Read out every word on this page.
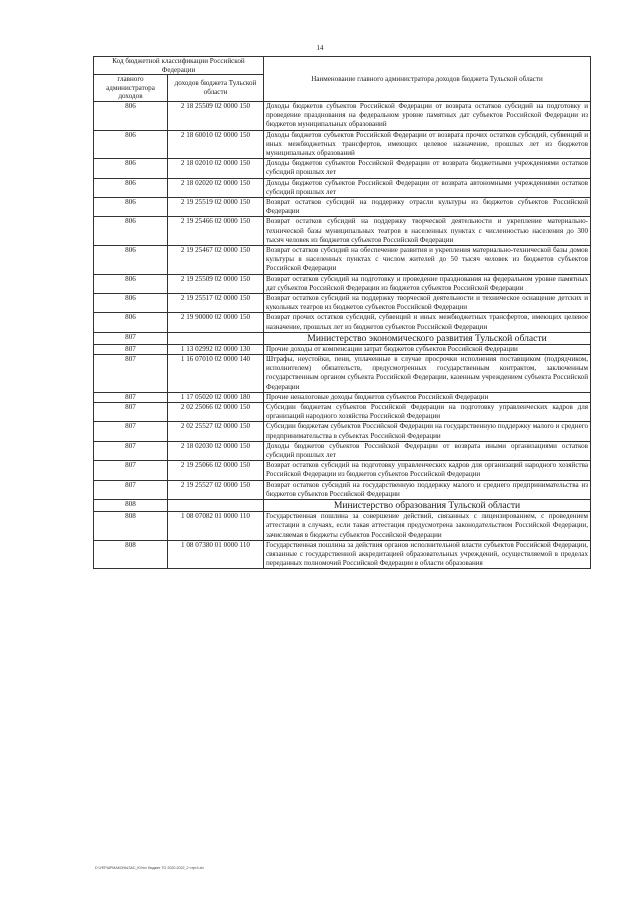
14
Код бюджетной классификации Российской Федерации		Наименование главного администратора доходов бюджета Тульской области
главного администратора доходов	доходов бюджета Тульской области	
806	2 18 25509 02 0000 150	Доходы бюджетов субъектов Российской Федерации от возврата остатков субсидий на подготовку и проведение празднования на федеральном уровне памятных дат субъектов Российской Федерации из бюджетов муниципальных образований
806	2 18 60010 02 0000 150	Доходы бюджетов субъектов Российской Федерации от возврата прочих остатков субсидий, субвенций и иных межбюджетных трансфертов, имеющих целевое назначение, прошлых лет из бюджетов муниципальных образований
806	2 18 02010 02 0000 150	Доходы бюджетов субъектов Российской Федерации от возврата бюджетными учреждениями остатков субсидий прошлых лет
806	2 18 02020 02 0000 150	Доходы бюджетов субъектов Российской Федерации от возврата автономными учреждениями остатков субсидий прошлых лет
806	2 19 25519 02 0000 150	Возврат остатков субсидий на поддержку отрасли культуры из бюджетов субъектов Российской Федерации
806	2 19 25466 02 0000 150	Возврат остатков субсидий на поддержку творческой деятельности и укрепление материально-технической базы муниципальных театров в населенных пунктах с численностью населения до 300 тысяч человек из бюджетов субъектов Российской Федерации
806	2 19 25467 02 0000 150	Возврат остатков субсидий на обеспечение развития и укрепления материально-технической базы домов культуры в населенных пунктах с числом жителей до 50 тысяч человек из бюджетов субъектов Российской Федерации
806	2 19 25509 02 0000 150	Возврат остатков субсидий на подготовку и проведение празднования на федеральном уровне памятных дат субъектов Российской Федерации из бюджетов субъектов Российской Федерации
806	2 19 25517 02 0000 150	Возврат остатков субсидий на поддержку творческой деятельности и техническое оснащение детских и кукольных театров из бюджетов субъектов Российской Федерации
806	2 19 90000 02 0000 150	Возврат прочих остатков субсидий, субвенций и иных межбюджетных трансфертов, имеющих целевое назначение, прошлых лет из бюджетов субъектов Российской Федерации
807		Министерство экономического развития Тульской области
807	1 13 02992 02 0000 130	Прочие доходы от компенсации затрат бюджетов субъектов Российской Федерации
807	1 16 07010 02 0000 140	Штрафы, неустойки, пени, уплаченные в случае просрочки исполнения поставщиком (подрядчиком, исполнителем) обязательств, предусмотренных государственным контрактом, заключенным государственным органом субъекта Российской Федерации, казенным учреждением субъекта Российской Федерации
807	1 17 05020 02 0000 180	Прочие неналоговые доходы бюджетов субъектов Российской Федерации
807	2 02 25066 02 0000 150	Субсидии бюджетам субъектов Российской Федерации на подготовку управленческих кадров для организаций народного хозяйства Российской Федерации
807	2 02 25527 02 0000 150	Субсидии бюджетам субъектов Российской Федерации на государственную поддержку малого и среднего предпринимательства в субъектах Российской Федерации
807	2 18 02030 02 0000 150	Доходы бюджетов субъектов Российской Федерации от возврата иными организациями остатков субсидий прошлых лет
807	2 19 25066 02 0000 150	Возврат остатков субсидий на подготовку управленческих кадров для организаций народного хозяйства Российской Федерации из бюджетов субъектов Российской Федерации
807	2 19 25527 02 0000 150	Возврат остатков субсидий на государственную поддержку малого и среднего предпринимательства из бюджетов субъектов Российской Федерации
808		Министерство образования Тульской области
808	1 08 07082 01 0000 110	Государственная пошлина за совершение действий, связанных с лицензированием, с проведением аттестации в случаях, если такая аттестация предусмотрена законодательством Российской Федерации, зачисляемая в бюджеты субъектов Российской Федерации
808	1 08 07380 01 0000 110	Государственная пошлина за действия органов исполнительной власти субъектов Российской Федерации, связанные с государственной аккредитацией образовательных учреждений, осуществляемой в пределах переданных полномочий Российской Федерации в области образования
D:\УЕРШРМАКОНЫЗАС_ЮУех бюджет ТО 2020-2022_2 чтрт4.xlx
